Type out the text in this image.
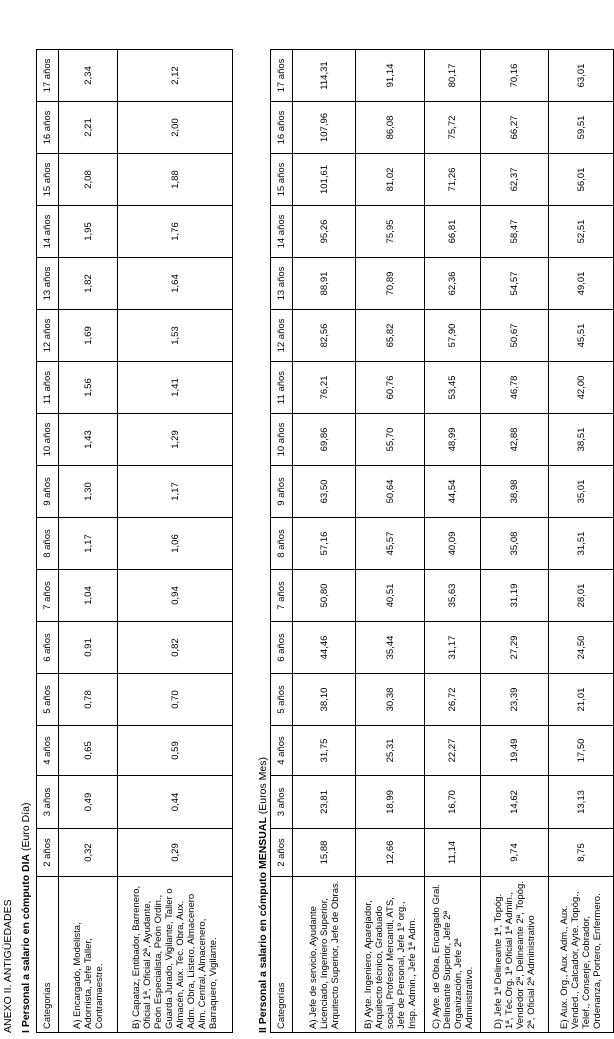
ANEXO II. ANTIGÜEDADES I Personal a salario en cómputo DIA (Euro Día)
Categorías	2 años	3 años	4 años	5 años	6 años	7 años	8 años	9 años	10 años	11 años	12 años	13 años	14 años	15 años	16 años	17 años
A) Encargado, Modelista, Adornista, Jefe Taller, Contramaestre.	0,32	0,49	0,65	0,78	0,91	1,04	1,17	1,30	1,43	1,56	1,69	1,82	1,95	2,08	2,21	2,34
B) Capataz, Entibador, Barrenero, Oficial 1ª, Oficial 2ª, Ayudante, Peón Especialista, Peón Ordin., Guarda Jurado, Vigilante, Taller o Almacén, Aux. Tec. Obra, Aux. Adm. Obra, Listero, Almacenero Alm. Central, Almacenero, Barraquero, Vigilante.	0,29	0,44	0,59	0,70	0,82	0,94	1,06	1,17	1,29	1,41	1,53	1,64	1,76	1,88	2,00	2,12
II Personal a salario en cómputo MENSUAL (Euros Mes)
Categorías	2 años	3 años	4 años	5 años	6 años	7 años	8 años	9 años	10 años	11 años	12 años	13 años	14 años	15 años	16 años	17 años
A) Jefe de servicio, Ayudante Licenciado, Ingeniero Superior, Arquitecto Superior, Jefe de Obras.	15,88	23,81	31,75	38,10	44,46	50,80	57,16	63,50	69,86	76,21	82,56	88,91	95,26	101,61	107,96	114,31
B) Ayte. Ingeniero, Aparejador, Arquitecto técnico, Graduado social, Profesor Mercantil, ATS, Jefe de Personal, Jefe 1º org., Insp. Admin., Jefe 1ª Adm.	12,66	18,99	25,31	30,38	35,44	40,51	45,57	50,64	55,70	60,76	65,82	70,89	75,95	81,02	86,08	91,14
C) Ayte. de Obra, Encargado Gral. Delineante Superior, Jefe 2ª Organización, Jefe 2ª Administrativo.	11,14	16,70	22,27	26,72	31,17	35,63	40,09	44,54	48,99	53,45	57,90	62,36	66,81	71,26	75,72	80,17
D) Jefe 1ª Delineante 1ª, Topóg. 1ª, Téc.Org. 1ª Oficial 1ª Admin., Vendedor 2ª, Delineante 2ª, Topóg. 2ª, Oficial 2ª Administrativo	9,74	14,62	19,49	23,39	27,29	31,19	35,08	38,98	42,88	46,78	50,67	54,57	58,47	62,37	66,27	70,16
E) Aux. Org., Aux. Adm., Aux. Vended., Calcador, Ayte. Topóg., Telef., Conserje, Cobrador, Ordenanza, Portero, Enfermero.	8,75	13,13	17,50	21,01	24,50	28,01	31,51	35,01	38,51	42,00	45,51	49,01	52,51	56,01	59,51	63,01
